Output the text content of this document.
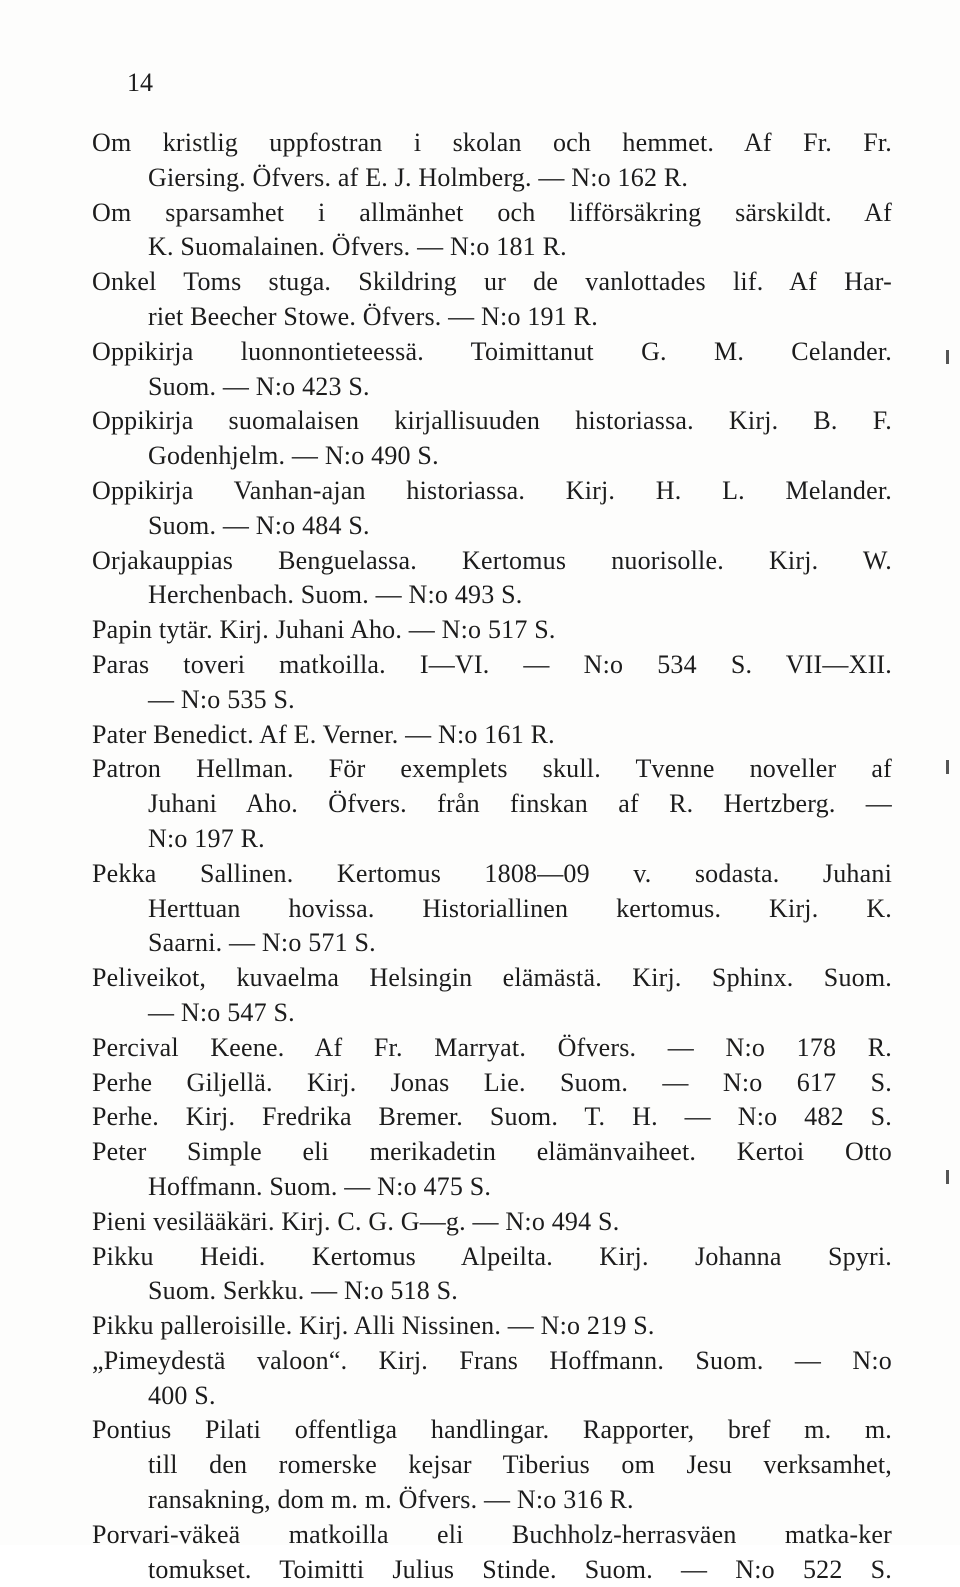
14
Om kristlig uppfostran i skolan och hemmet. Af Fr. Fr.
Giersing. Öfvers. af E. J. Holmberg. — N:o 162 R.
Om sparsamhet i allmänhet och lifförsäkring särskildt. Af
K. Suomalainen. Öfvers. — N:o 181 R.
Onkel Toms stuga. Skildring ur de vanlottades lif. Af Har-
riet Beecher Stowe. Öfvers. — N:o 191 R.
Oppikirja luonnontieteessä. Toimittanut G. M. Celander.
Suom. — N:o 423 S.
Oppikirja suomalaisen kirjallisuuden historiassa. Kirj. B. F.
Godenhjelm. — N:o 490 S.
Oppikirja Vanhan-ajan historiassa. Kirj. H. L. Melander.
Suom. — N:o 484 S.
Orjakauppias Benguelassa. Kertomus nuorisolle. Kirj. W.
Herchenbach. Suom. — N:o 493 S.
Papin tytär. Kirj. Juhani Aho. — N:o 517 S.
Paras toveri matkoilla. I—VI. — N:o 534 S. VII—XII.
— N:o 535 S.
Pater Benedict. Af E. Verner. — N:o 161 R.
Patron Hellman. För exemplets skull. Tvenne noveller af
Juhani Aho. Öfvers. från finskan af R. Hertzberg. —
N:o 197 R.
Pekka Sallinen. Kertomus 1808—09 v. sodasta. Juhani
Herttuan hovissa. Historiallinen kertomus. Kirj. K.
Saarni. — N:o 571 S.
Peliveikot, kuvaelma Helsingin elämästä. Kirj. Sphinx. Suom.
— N:o 547 S.
Percival Keene. Af Fr. Marryat. Öfvers. — N:o 178 R.
Perhe Giljellä. Kirj. Jonas Lie. Suom. — N:o 617 S.
Perhe. Kirj. Fredrika Bremer. Suom. T. H. — N:o 482 S.
Peter Simple eli merikadetin elämänvaiheet. Kertoi Otto
Hoffmann. Suom. — N:o 475 S.
Pieni vesilääkäri. Kirj. C. G. G—g. — N:o 494 S.
Pikku Heidi. Kertomus Alpeilta. Kirj. Johanna Spyri.
Suom. Serkku. — N:o 518 S.
Pikku palleroisille. Kirj. Alli Nissinen. — N:o 219 S.
„Pimeydestä valoon“. Kirj. Frans Hoffmann. Suom. — N:o
400 S.
Pontius Pilati offentliga handlingar. Rapporter, bref m. m.
till den romerske kejsar Tiberius om Jesu verksamhet,
ransakning, dom m. m. Öfvers. — N:o 316 R.
Porvari-väkeä matkoilla eli Buchholz-herrasväen matka-ker
tomukset. Toimitti Julius Stinde. Suom. — N:o 522 S.
